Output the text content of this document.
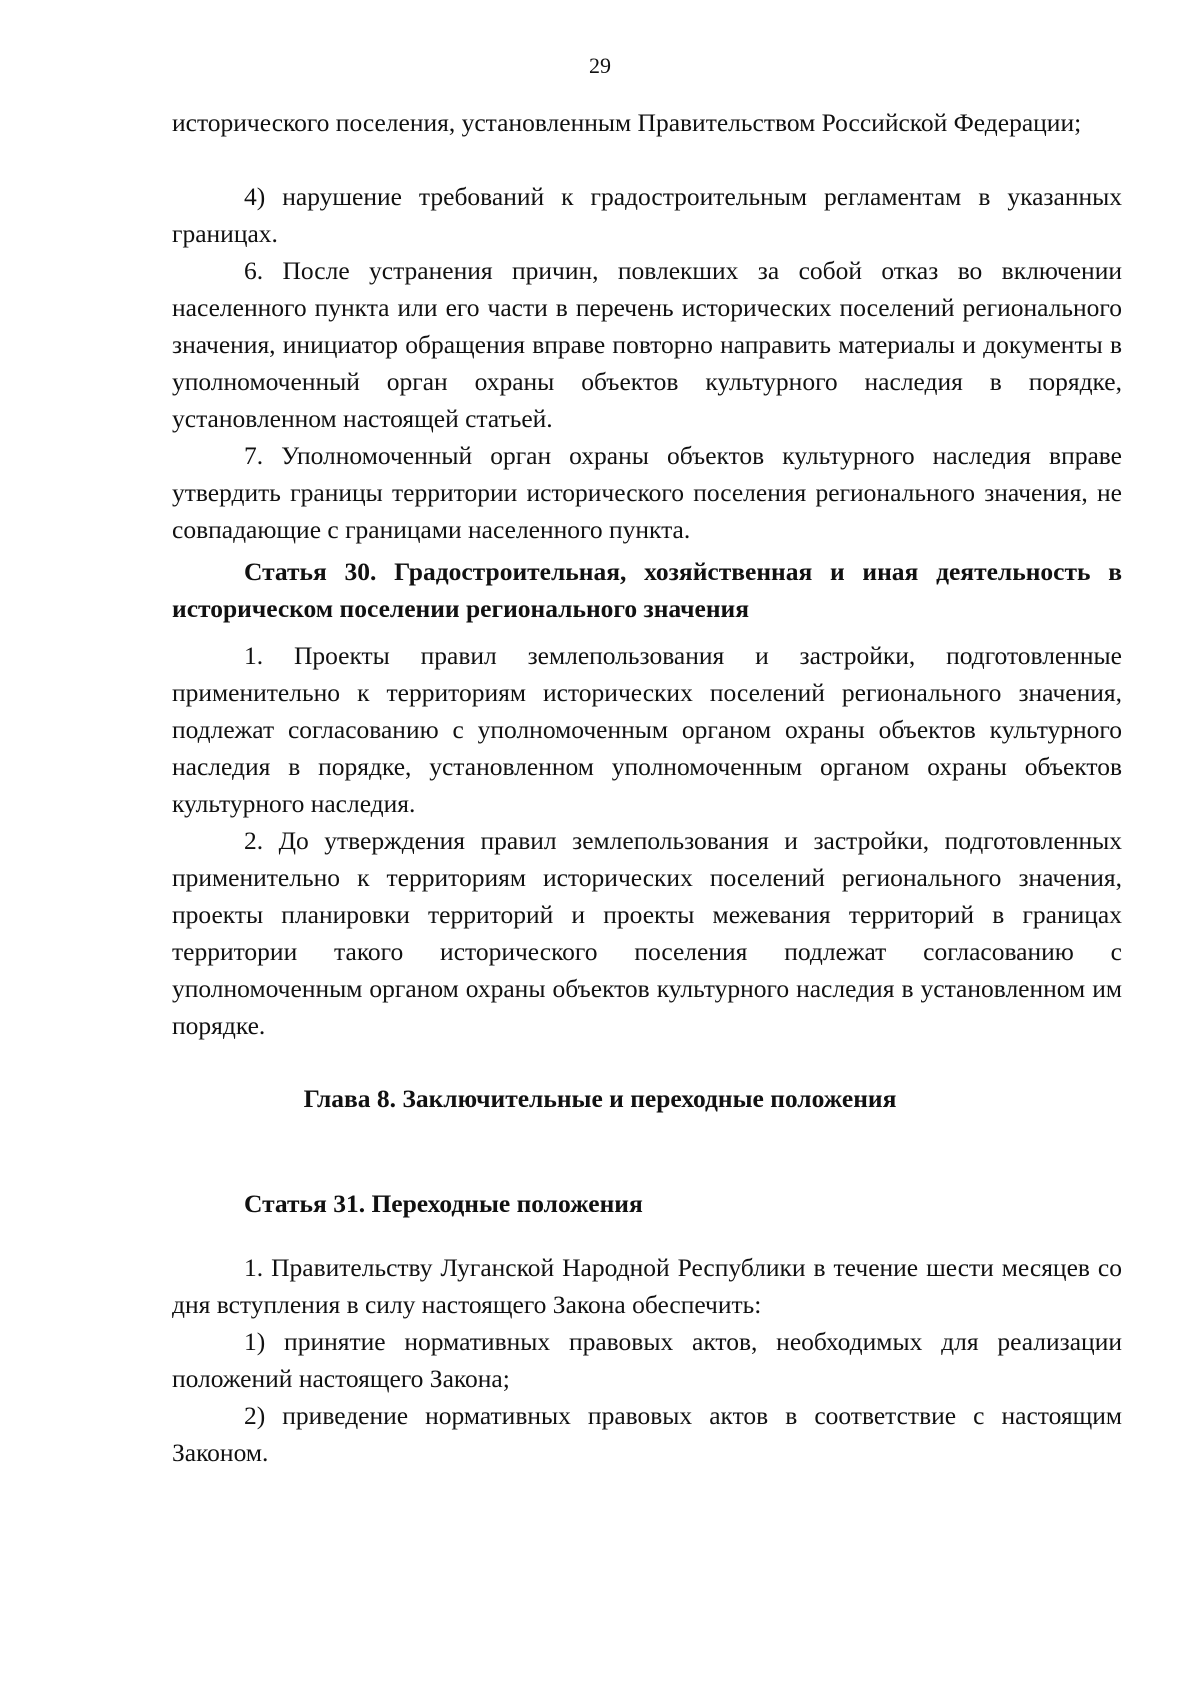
29

исторического поселения, установленным Правительством Российской Федерации;

4) нарушение требований к градостроительным регламентам в указанных границах.

6. После устранения причин, повлекших за собой отказ во включении населенного пункта или его части в перечень исторических поселений регионального значения, инициатор обращения вправе повторно направить материалы и документы в уполномоченный орган охраны объектов культурного наследия в порядке, установленном настоящей статьей.

7. Уполномоченный орган охраны объектов культурного наследия вправе утвердить границы территории исторического поселения регионального значения, не совпадающие с границами населенного пункта.

Статья 30. Градостроительная, хозяйственная и иная деятельность в историческом поселении регионального значения

1. Проекты правил землепользования и застройки, подготовленные применительно к территориям исторических поселений регионального значения, подлежат согласованию с уполномоченным органом охраны объектов культурного наследия в порядке, установленном уполномоченным органом охраны объектов культурного наследия.

2. До утверждения правил землепользования и застройки, подготовленных применительно к территориям исторических поселений регионального значения, проекты планировки территорий и проекты межевания территорий в границах территории такого исторического поселения подлежат согласованию с уполномоченным органом охраны объектов культурного наследия в установленном им порядке.

Глава 8. Заключительные и переходные положения

Статья 31. Переходные положения

1. Правительству Луганской Народной Республики в течение шести месяцев со дня вступления в силу настоящего Закона обеспечить:

1) принятие нормативных правовых актов, необходимых для реализации положений настоящего Закона;

2) приведение нормативных правовых актов в соответствие с настоящим Законом.
